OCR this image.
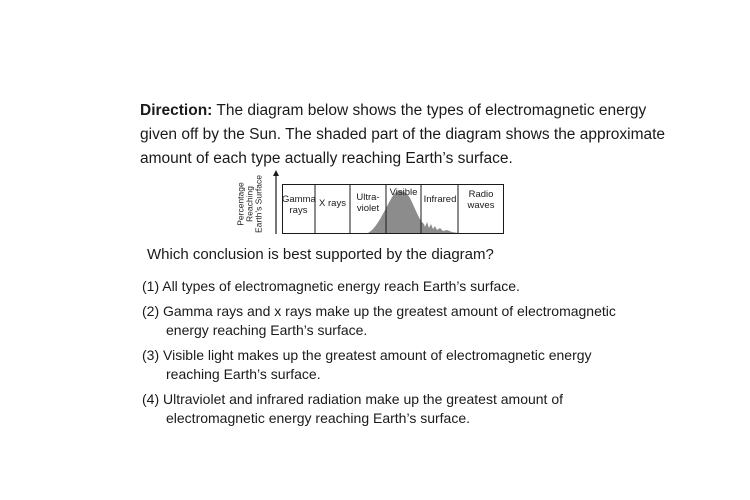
Direction: The diagram below shows the types of electromagnetic energy
given off by the Sun. The shaded part of the diagram shows the approximate
amount of each type actually reaching Earth’s surface.

Percentage Reaching Earth’s Surface Gamma
rays
X rays
Ultra-
violet
Visible
Infrared	Radio
waves

Which conclusion is best supported by the diagram?

(1) All types of electromagnetic energy reach Earth’s surface.
(2) Gamma rays and x rays make up the greatest amount of electromagnetic
energy reaching Earth’s surface.
(3) Visible light makes up the greatest amount of electromagnetic energy
reaching Earth’s surface.
(4) Ultraviolet and infrared radiation make up the greatest amount of
electromagnetic energy reaching Earth’s surface.
